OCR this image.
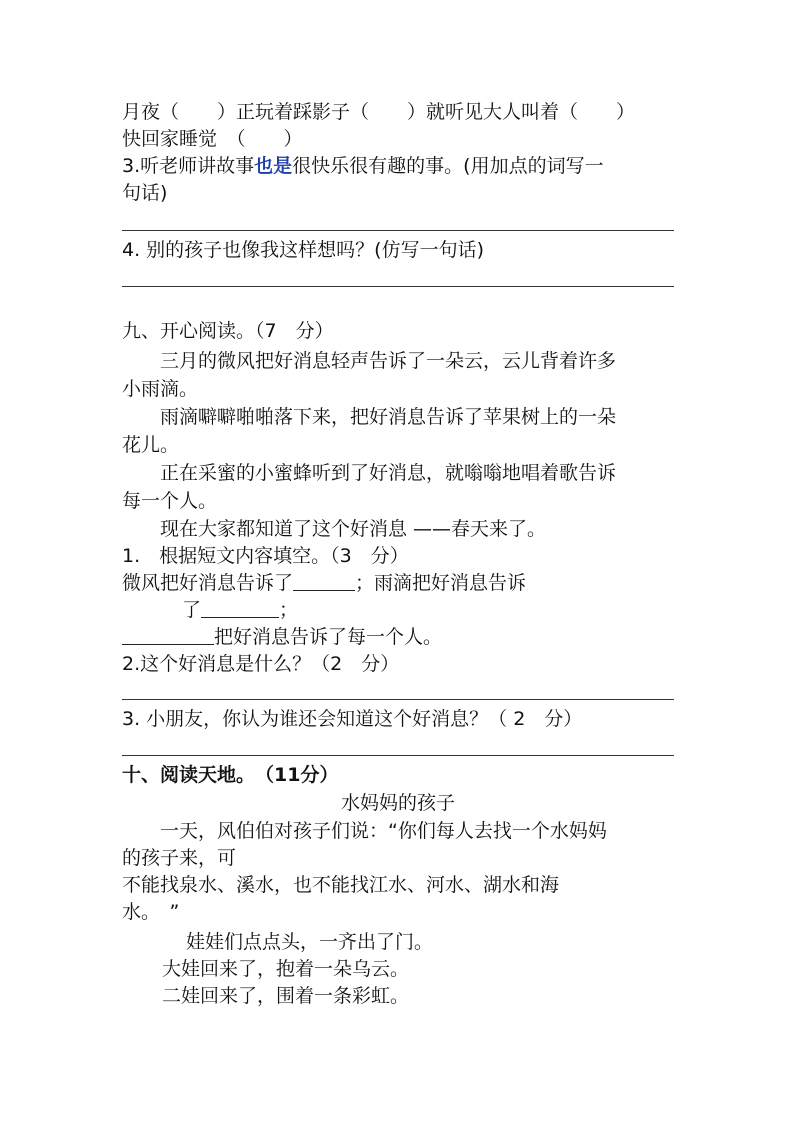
月夜（　　）正玩着踩影子（　　）就听见大人叫着（　　）
快回家睡觉　（　　）
3.听老师讲故事也是很快乐很有趣的事。(用加点的词写一
句话)
4. 别的孩子也像我这样想吗？(仿写一句话)
九、开心阅读。（7　分）
三月的微风把好消息轻声告诉了一朵云，云儿背着许多
小雨滴。
雨滴噼噼啪啪落下来，把好消息告诉了苹果树上的一朵
花儿。
正在采蜜的小蜜蜂听到了好消息，就嗡嗡地唱着歌告诉
每一个人。
现在大家都知道了这个好消息 ——春天来了。
1.　根据短文内容填空。（3　分）
微风把好消息告诉了	；雨滴把好消息告诉
了	；
把好消息告诉了每一个人。
2.这个好消息是什么？（2　分）
3. 小朋友，你认为谁还会知道这个好消息？（ 2　分）
十、阅读天地。　（11分）
水妈妈的孩子
一天，风伯伯对孩子们说：“你们每人去找一个水妈妈
的孩子来，可
不能找泉水、溪水，也不能找江水、河水、湖水和海
水。　”
娃娃们点点头，一齐出了门。
大娃回来了，抱着一朵乌云。
二娃回来了，围着一条彩虹。
